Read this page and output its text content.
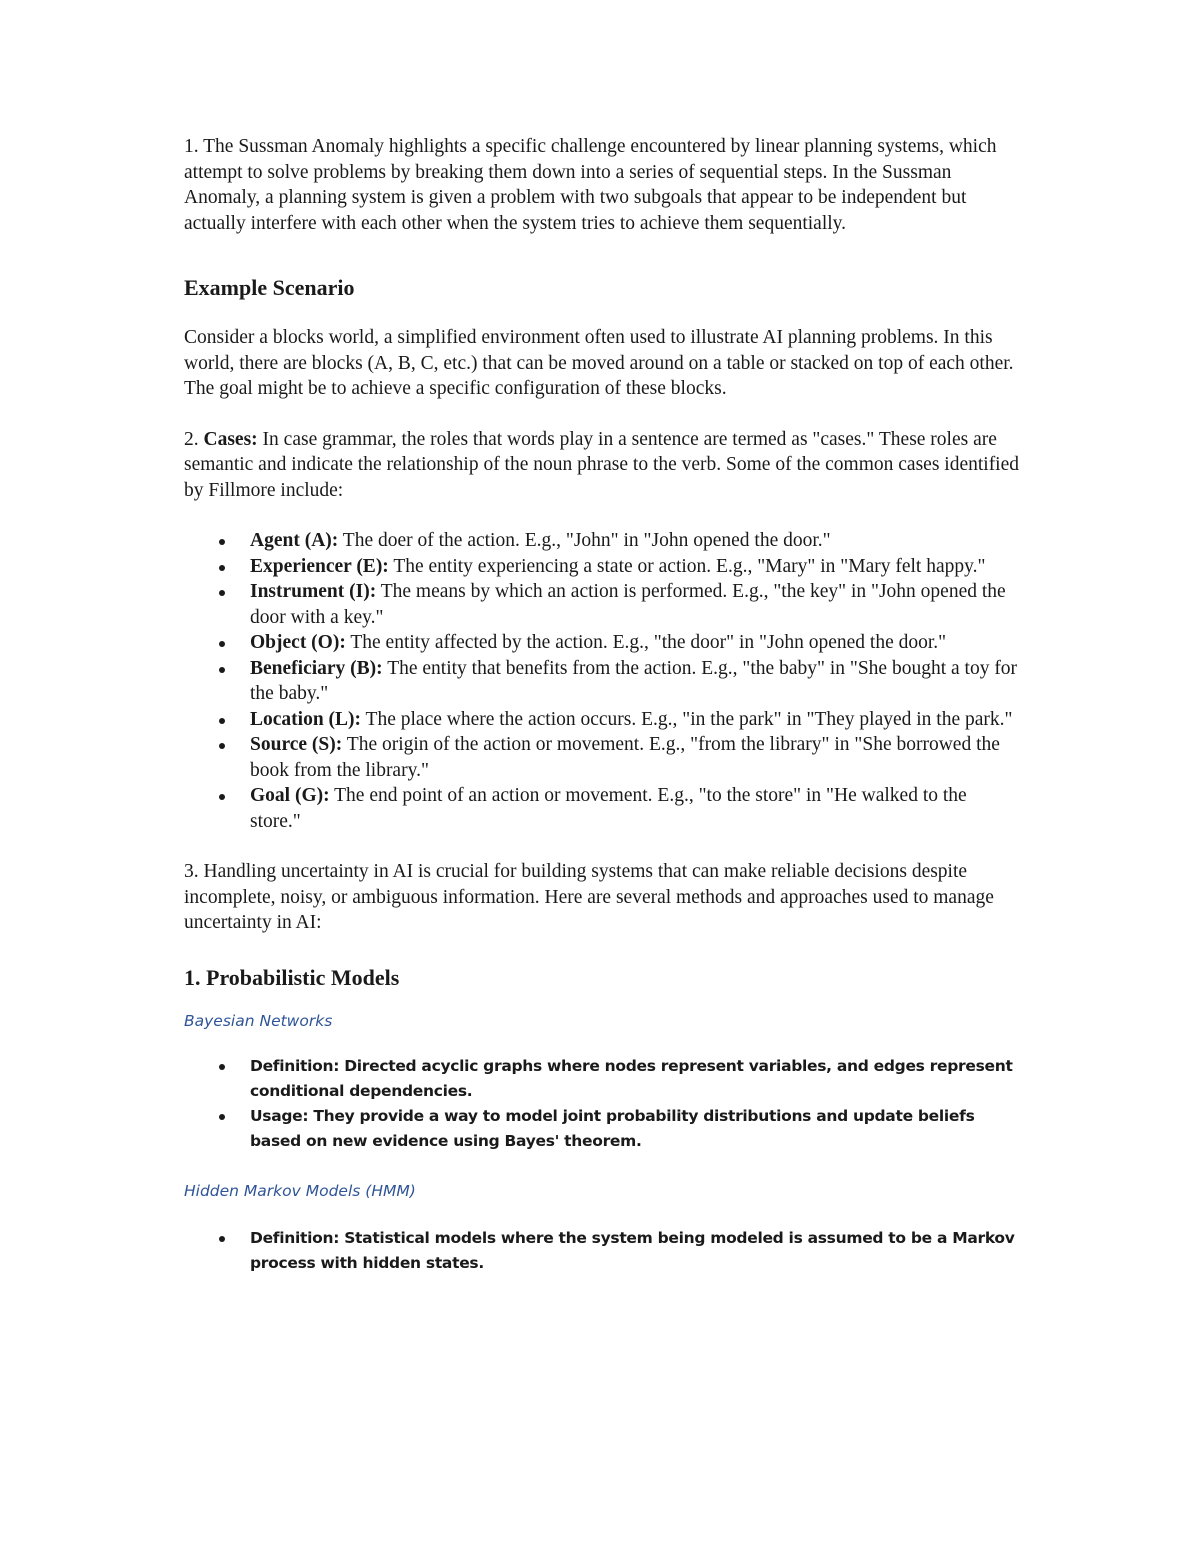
1. The Sussman Anomaly highlights a specific challenge encountered by linear planning systems, which attempt to solve problems by breaking them down into a series of sequential steps. In the Sussman Anomaly, a planning system is given a problem with two subgoals that appear to be independent but actually interfere with each other when the system tries to achieve them sequentially.

Example Scenario

Consider a blocks world, a simplified environment often used to illustrate AI planning problems. In this world, there are blocks (A, B, C, etc.) that can be moved around on a table or stacked on top of each other. The goal might be to achieve a specific configuration of these blocks.

2. Cases: In case grammar, the roles that words play in a sentence are termed as "cases." These roles are semantic and indicate the relationship of the noun phrase to the verb. Some of the common cases identified by Fillmore include:

Agent (A): The doer of the action. E.g., "John" in "John opened the door."
Experiencer (E): The entity experiencing a state or action. E.g., "Mary" in "Mary felt happy."
Instrument (I): The means by which an action is performed. E.g., "the key" in "John opened the door with a key."
Object (O): The entity affected by the action. E.g., "the door" in "John opened the door."
Beneficiary (B): The entity that benefits from the action. E.g., "the baby" in "She bought a toy for the baby."
Location (L): The place where the action occurs. E.g., "in the park" in "They played in the park."
Source (S): The origin of the action or movement. E.g., "from the library" in "She borrowed the book from the library."
Goal (G): The end point of an action or movement. E.g., "to the store" in "He walked to the store."

3. Handling uncertainty in AI is crucial for building systems that can make reliable decisions despite incomplete, noisy, or ambiguous information. Here are several methods and approaches used to manage uncertainty in AI:

1. Probabilistic Models
Bayesian Networks
Definition: Directed acyclic graphs where nodes represent variables, and edges represent conditional dependencies.
Usage: They provide a way to model joint probability distributions and update beliefs based on new evidence using Bayes' theorem.
Hidden Markov Models (HMM)
Definition: Statistical models where the system being modeled is assumed to be a Markov process with hidden states.
